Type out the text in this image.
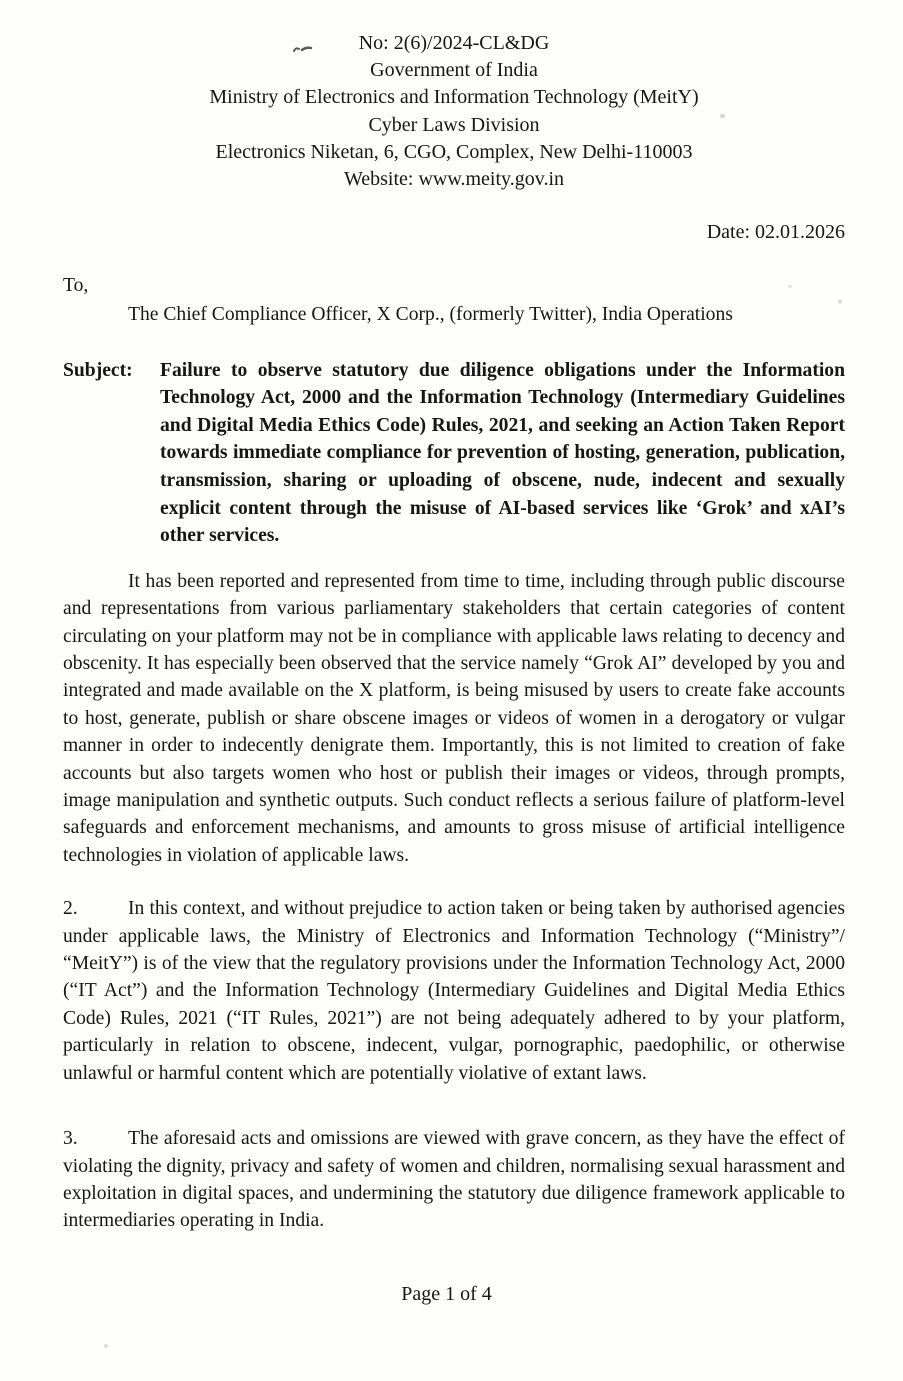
No: 2(6)/2024-CL&DG
Government of India
Ministry of Electronics and Information Technology (MeitY)
Cyber Laws Division
Electronics Niketan, 6, CGO, Complex, New Delhi-110003
Website: www.meity.gov.in
Date: 02.01.2026
To,
The Chief Compliance Officer, X Corp., (formerly Twitter), India Operations
Subject:	Failure to observe statutory due diligence obligations under the Information Technology Act, 2000 and the Information Technology (Intermediary Guidelines and Digital Media Ethics Code) Rules, 2021, and seeking an Action Taken Report towards immediate compliance for prevention of hosting, generation, publication, transmission, sharing or uploading of obscene, nude, indecent and sexually explicit content through the misuse of AI-based services like ‘Grok’ and xAI’s other services.

It has been reported and represented from time to time, including through public discourse and representations from various parliamentary stakeholders that certain categories of content circulating on your platform may not be in compliance with applicable laws relating to decency and obscenity. It has especially been observed that the service namely “Grok AI” developed by you and integrated and made available on the X platform, is being misused by users to create fake accounts to host, generate, publish or share obscene images or videos of women in a derogatory or vulgar manner in order to indecently denigrate them. Importantly, this is not limited to creation of fake accounts but also targets women who host or publish their images or videos, through prompts, image manipulation and synthetic outputs. Such conduct reflects a serious failure of platform-level safeguards and enforcement mechanisms, and amounts to gross misuse of artificial intelligence technologies in violation of applicable laws.

2.	In this context, and without prejudice to action taken or being taken by authorised agencies under applicable laws, the Ministry of Electronics and Information Technology (“Ministry”/ “MeitY”) is of the view that the regulatory provisions under the Information Technology Act, 2000 (“IT Act”) and the Information Technology (Intermediary Guidelines and Digital Media Ethics Code) Rules, 2021 (“IT Rules, 2021”) are not being adequately adhered to by your platform, particularly in relation to obscene, indecent, vulgar, pornographic, paedophilic, or otherwise unlawful or harmful content which are potentially violative of extant laws.

3.	The aforesaid acts and omissions are viewed with grave concern, as they have the effect of violating the dignity, privacy and safety of women and children, normalising sexual harassment and exploitation in digital spaces, and undermining the statutory due diligence framework applicable to intermediaries operating in India.

Page 1 of 4
